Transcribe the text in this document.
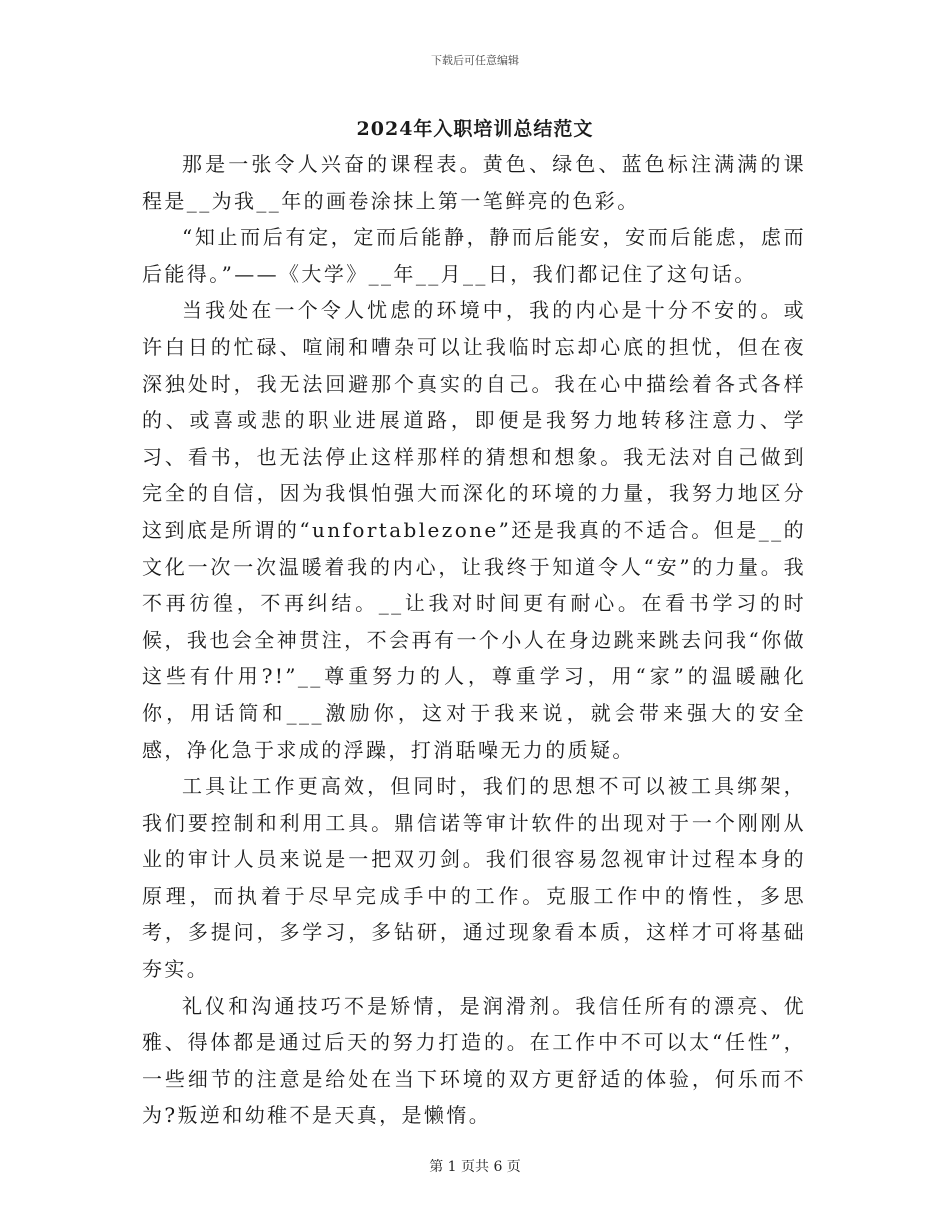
下载后可任意编辑
2024年入职培训总结范文

那是一张令人兴奋的课程表。黄色、绿色、蓝色标注满满的课程是__为我__年的画卷涂抹上第一笔鲜亮的色彩。

“知止而后有定，定而后能静，静而后能安，安而后能虑，虑而后能得。”——《大学》__年__月__日，我们都记住了这句话。

当我处在一个令人忧虑的环境中，我的内心是十分不安的。或许白日的忙碌、喧闹和嘈杂可以让我临时忘却心底的担忧，但在夜深独处时，我无法回避那个真实的自己。我在心中描绘着各式各样的、或喜或悲的职业进展道路，即便是我努力地转移注意力、学习、看书，也无法停止这样那样的猜想和想象。我无法对自己做到完全的自信，因为我惧怕强大而深化的环境的力量，我努力地区分这到底是所谓的“unfortablezone”还是我真的不适合。但是__的文化一次一次温暖着我的内心，让我终于知道令人“安”的力量。我不再彷徨，不再纠结。__让我对时间更有耐心。在看书学习的时候，我也会全神贯注，不会再有一个小人在身边跳来跳去问我“你做这些有什用?!”__尊重努力的人，尊重学习，用“家”的温暖融化你，用话筒和___激励你，这对于我来说，就会带来强大的安全感，净化急于求成的浮躁，打消聒噪无力的质疑。

工具让工作更高效，但同时，我们的思想不可以被工具绑架，我们要控制和利用工具。鼎信诺等审计软件的出现对于一个刚刚从业的审计人员来说是一把双刃剑。我们很容易忽视审计过程本身的原理，而执着于尽早完成手中的工作。克服工作中的惰性，多思考，多提问，多学习，多钻研，通过现象看本质，这样才可将基础夯实。

礼仪和沟通技巧不是矫情，是润滑剂。我信任所有的漂亮、优雅、得体都是通过后天的努力打造的。在工作中不可以太“任性”，一些细节的注意是给处在当下环境的双方更舒适的体验，何乐而不为?叛逆和幼稚不是天真，是懒惰。

第 1 页共 6 页
